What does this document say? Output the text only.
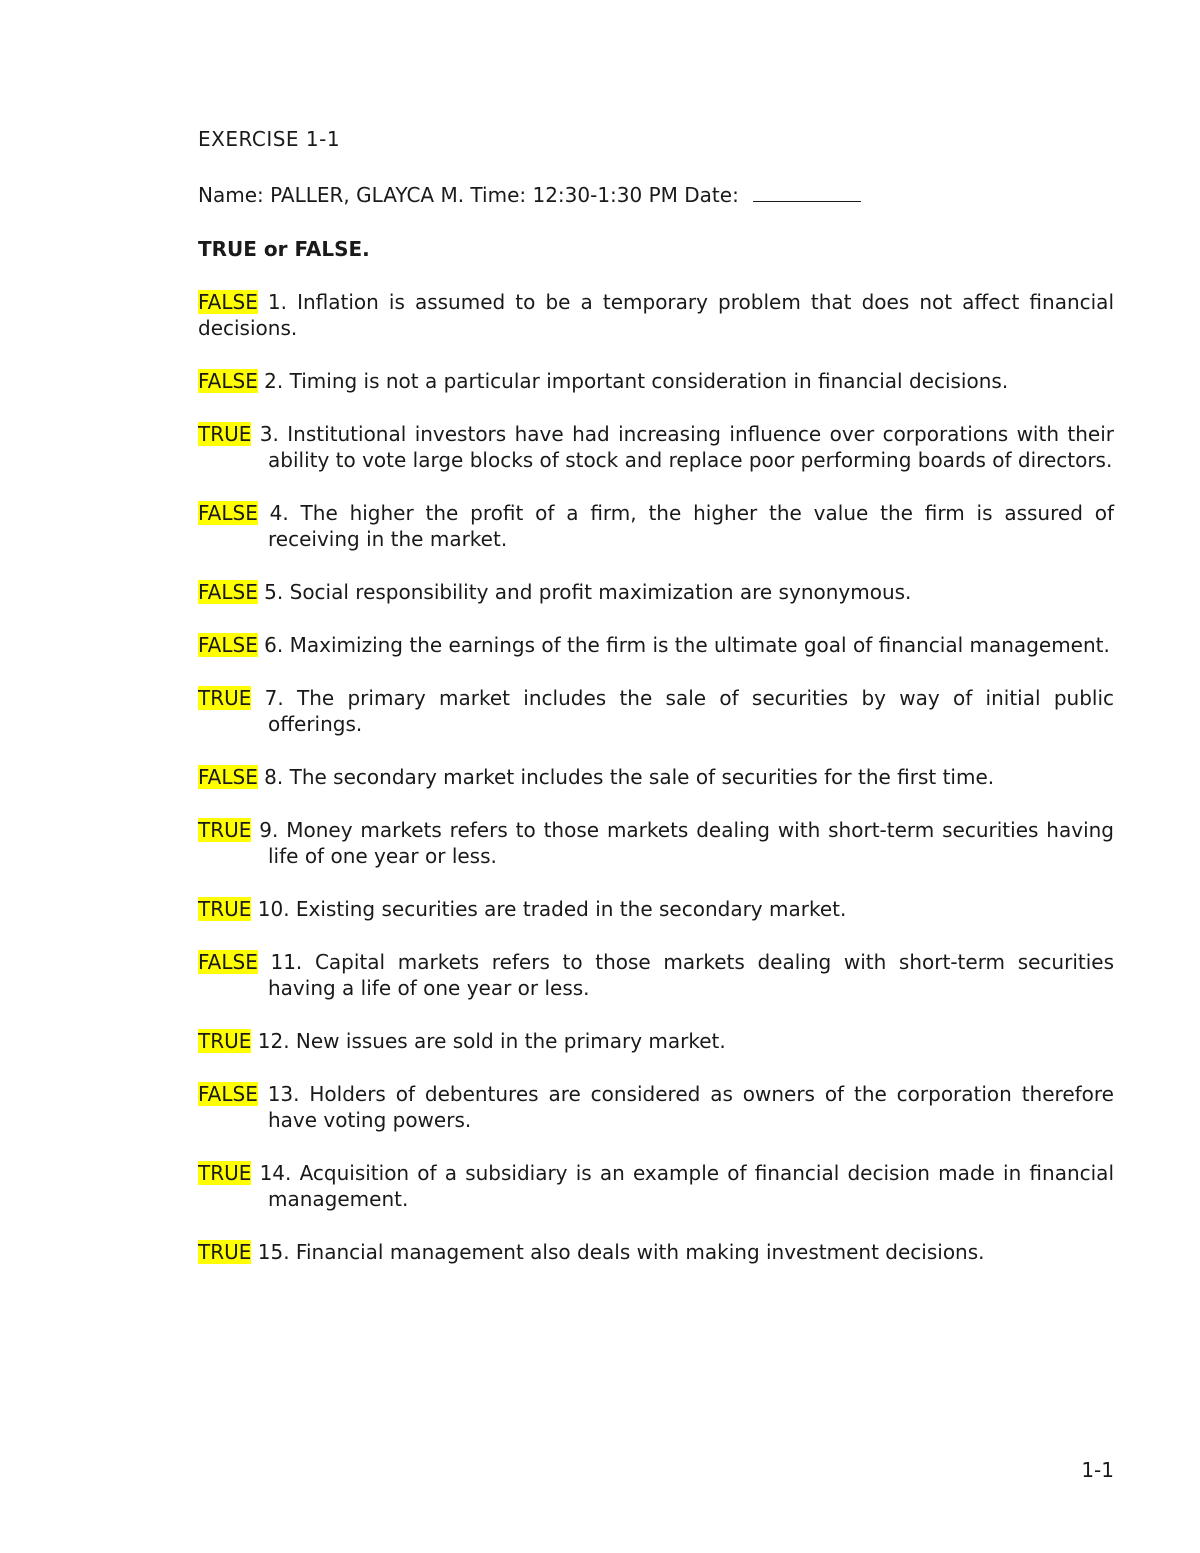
EXERCISE 1-1
Name: PALLER, GLAYCA M. Time: 12:30-1:30 PM Date:
TRUE or FALSE.

FALSE 1. Inflation is assumed to be a temporary problem that does not affect financial decisions.

FALSE 2. Timing is not a particular important consideration in financial decisions.

TRUE 3. Institutional investors have had increasing influence over corporations with their ability to vote large blocks of stock and replace poor performing boards of directors.

FALSE 4. The higher the profit of a firm, the higher the value the firm is assured of receiving in the market.

FALSE 5. Social responsibility and profit maximization are synonymous.

FALSE 6. Maximizing the earnings of the firm is the ultimate goal of financial management.

TRUE 7. The primary market includes the sale of securities by way of initial public offerings.

FALSE 8. The secondary market includes the sale of securities for the first time.

TRUE 9. Money markets refers to those markets dealing with short-term securities having life of one year or less.

TRUE 10. Existing securities are traded in the secondary market.

FALSE 11. Capital markets refers to those markets dealing with short-term securities having a life of one year or less.

TRUE 12. New issues are sold in the primary market.

FALSE 13. Holders of debentures are considered as owners of the corporation therefore have voting powers.

TRUE 14. Acquisition of a subsidiary is an example of financial decision made in financial management.

TRUE 15. Financial management also deals with making investment decisions.

1-1
